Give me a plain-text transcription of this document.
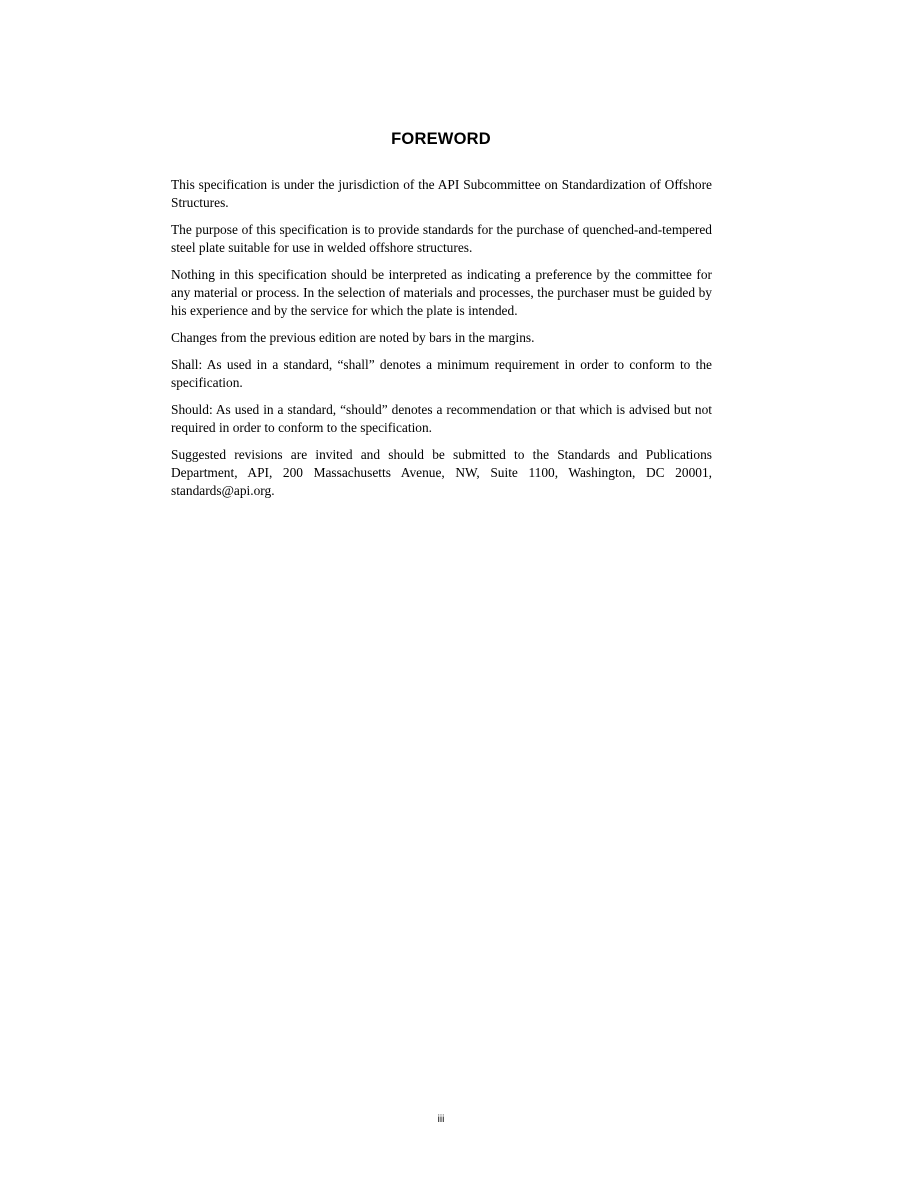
FOREWORD

This specification is under the jurisdiction of the API Subcommittee on Standardization of Offshore Structures.

The purpose of this specification is to provide standards for the purchase of quenched-and-tempered steel plate suitable for use in welded offshore structures.

Nothing in this specification should be interpreted as indicating a preference by the committee for any material or process. In the selection of materials and processes, the purchaser must be guided by his experience and by the service for which the plate is intended.

Changes from the previous edition are noted by bars in the margins.

Shall: As used in a standard, “shall” denotes a minimum requirement in order to conform to the specification.

Should: As used in a standard, “should” denotes a recommendation or that which is advised but not required in order to conform to the specification.

Suggested revisions are invited and should be submitted to the Standards and Publications Department, API, 200 Massachusetts Avenue, NW, Suite 1100, Washington, DC 20001, standards@api.org.

iii
